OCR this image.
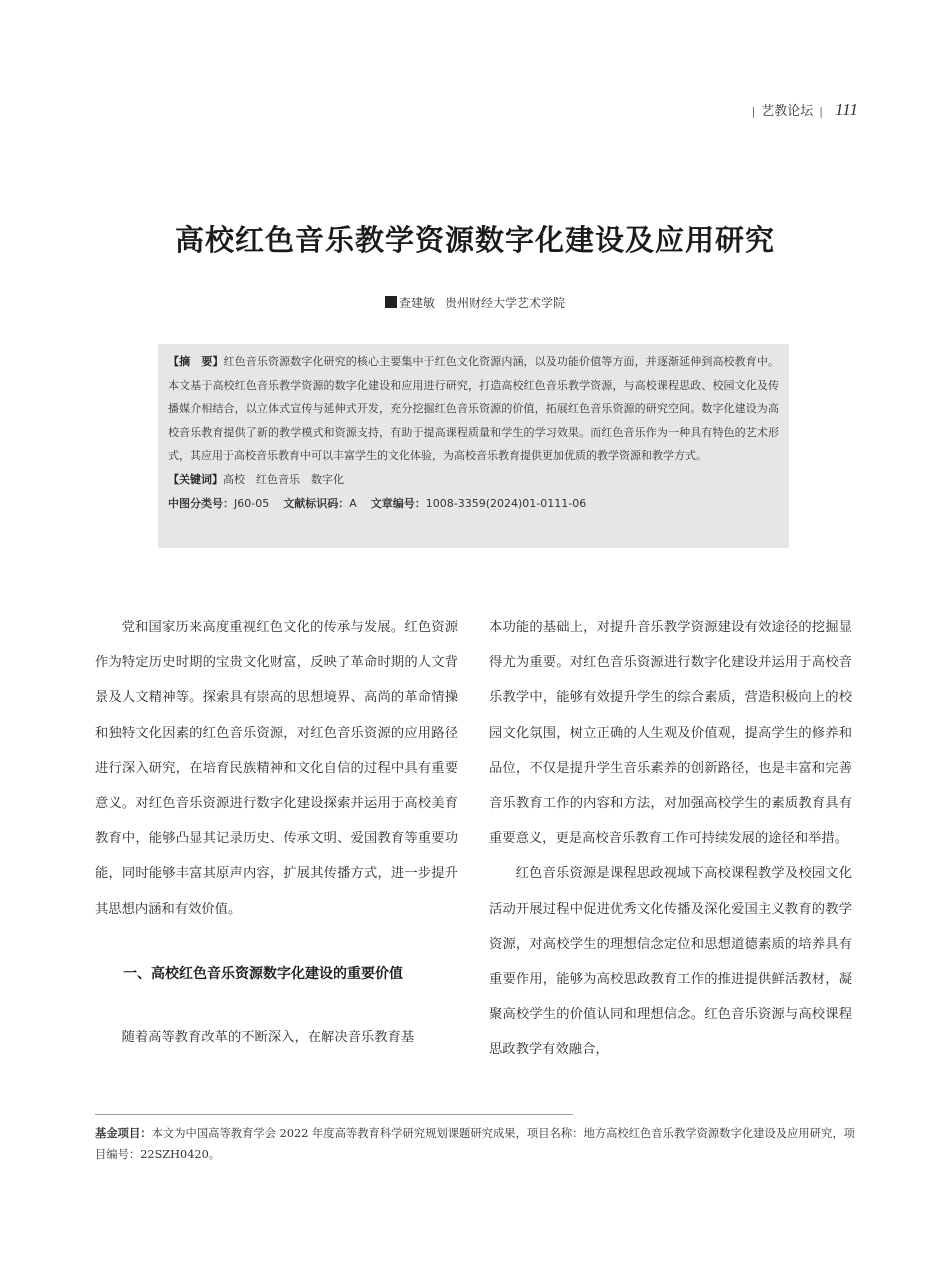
| 艺教论坛 | 111
高校红色音乐教学资源数字化建设及应用研究
查建敏 贵州财经大学艺术学院

【摘　要】红色音乐资源数字化研究的核心主要集中于红色文化资源内涵，以及功能价值等方面，并逐渐延伸到高校教育中。本文基于高校红色音乐教学资源的数字化建设和应用进行研究，打造高校红色音乐教学资源，与高校课程思政、校园文化及传播媒介相结合，以立体式宣传与延伸式开发，充分挖掘红色音乐资源的价值，拓展红色音乐资源的研究空间。数字化建设为高校音乐教育提供了新的教学模式和资源支持，有助于提高课程质量和学生的学习效果。而红色音乐作为一种具有特色的艺术形式，其应用于高校音乐教育中可以丰富学生的文化体验，为高校音乐教育提供更加优质的教学资源和教学方式。

【关键词】高校　红色音乐　数字化

中图分类号：J60-05 文献标识码：A 文章编号：1008-3359(2024)01-0111-06

党和国家历来高度重视红色文化的传承与发展。红色资源作为特定历史时期的宝贵文化财富，反映了革命时期的人文背景及人文精神等。探索具有崇高的思想境界、高尚的革命情操和独特文化因素的红色音乐资源，对红色音乐资源的应用路径进行深入研究，在培育民族精神和文化自信的过程中具有重要意义。对红色音乐资源进行数字化建设探索并运用于高校美育教育中，能够凸显其记录历史、传承文明、爱国教育等重要功能，同时能够丰富其原声内容，扩展其传播方式，进一步提升其思想内涵和有效价值。

一、高校红色音乐资源数字化建设的重要价值

随着高等教育改革的不断深入，在解决音乐教育基

本功能的基础上，对提升音乐教学资源建设有效途径的挖掘显得尤为重要。对红色音乐资源进行数字化建设并运用于高校音乐教学中，能够有效提升学生的综合素质，营造积极向上的校园文化氛围，树立正确的人生观及价值观，提高学生的修养和品位，不仅是提升学生音乐素养的创新路径，也是丰富和完善音乐教育工作的内容和方法，对加强高校学生的素质教育具有重要意义，更是高校音乐教育工作可持续发展的途径和举措。

红色音乐资源是课程思政视域下高校课程教学及校园文化活动开展过程中促进优秀文化传播及深化爱国主义教育的教学资源，对高校学生的理想信念定位和思想道德素质的培养具有重要作用，能够为高校思政教育工作的推进提供鲜活教材，凝聚高校学生的价值认同和理想信念。红色音乐资源与高校课程思政教学有效融合，

基金项目：本文为中国高等教育学会 2022 年度高等教育科学研究规划课题研究成果，项目名称：地方高校红色音乐教学资源数字化建设及应用研究，项目编号：22SZH0420。
